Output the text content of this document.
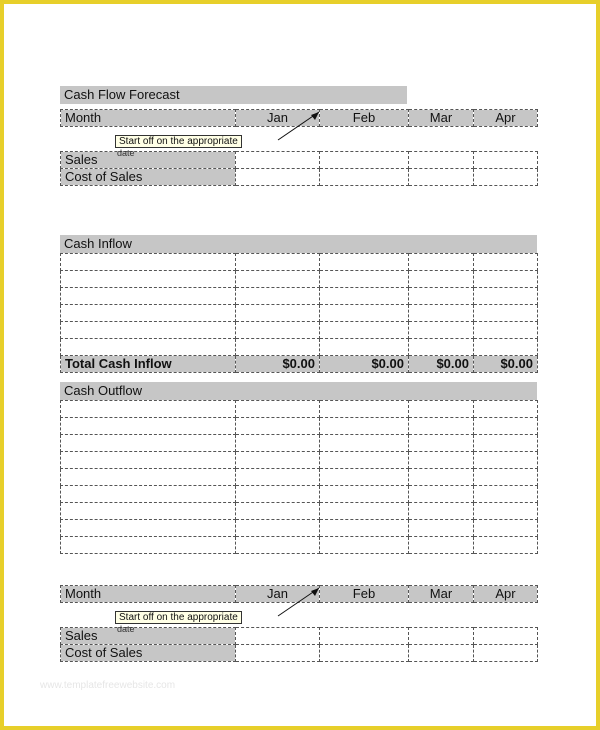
Cash Flow Forecast
Month	Jan	Feb	Mar	Apr

Sales				
Cost of Sales				
Start off on the appropriate
date
Cash Inflow

Total Cash Inflow	$0.00	$0.00	$0.00	$0.00
Cash Outflow

Month	Jan	Feb	Mar	Apr

Sales				
Cost of Sales				
Start off on the appropriate
date
www.templatefreewebsite.com
